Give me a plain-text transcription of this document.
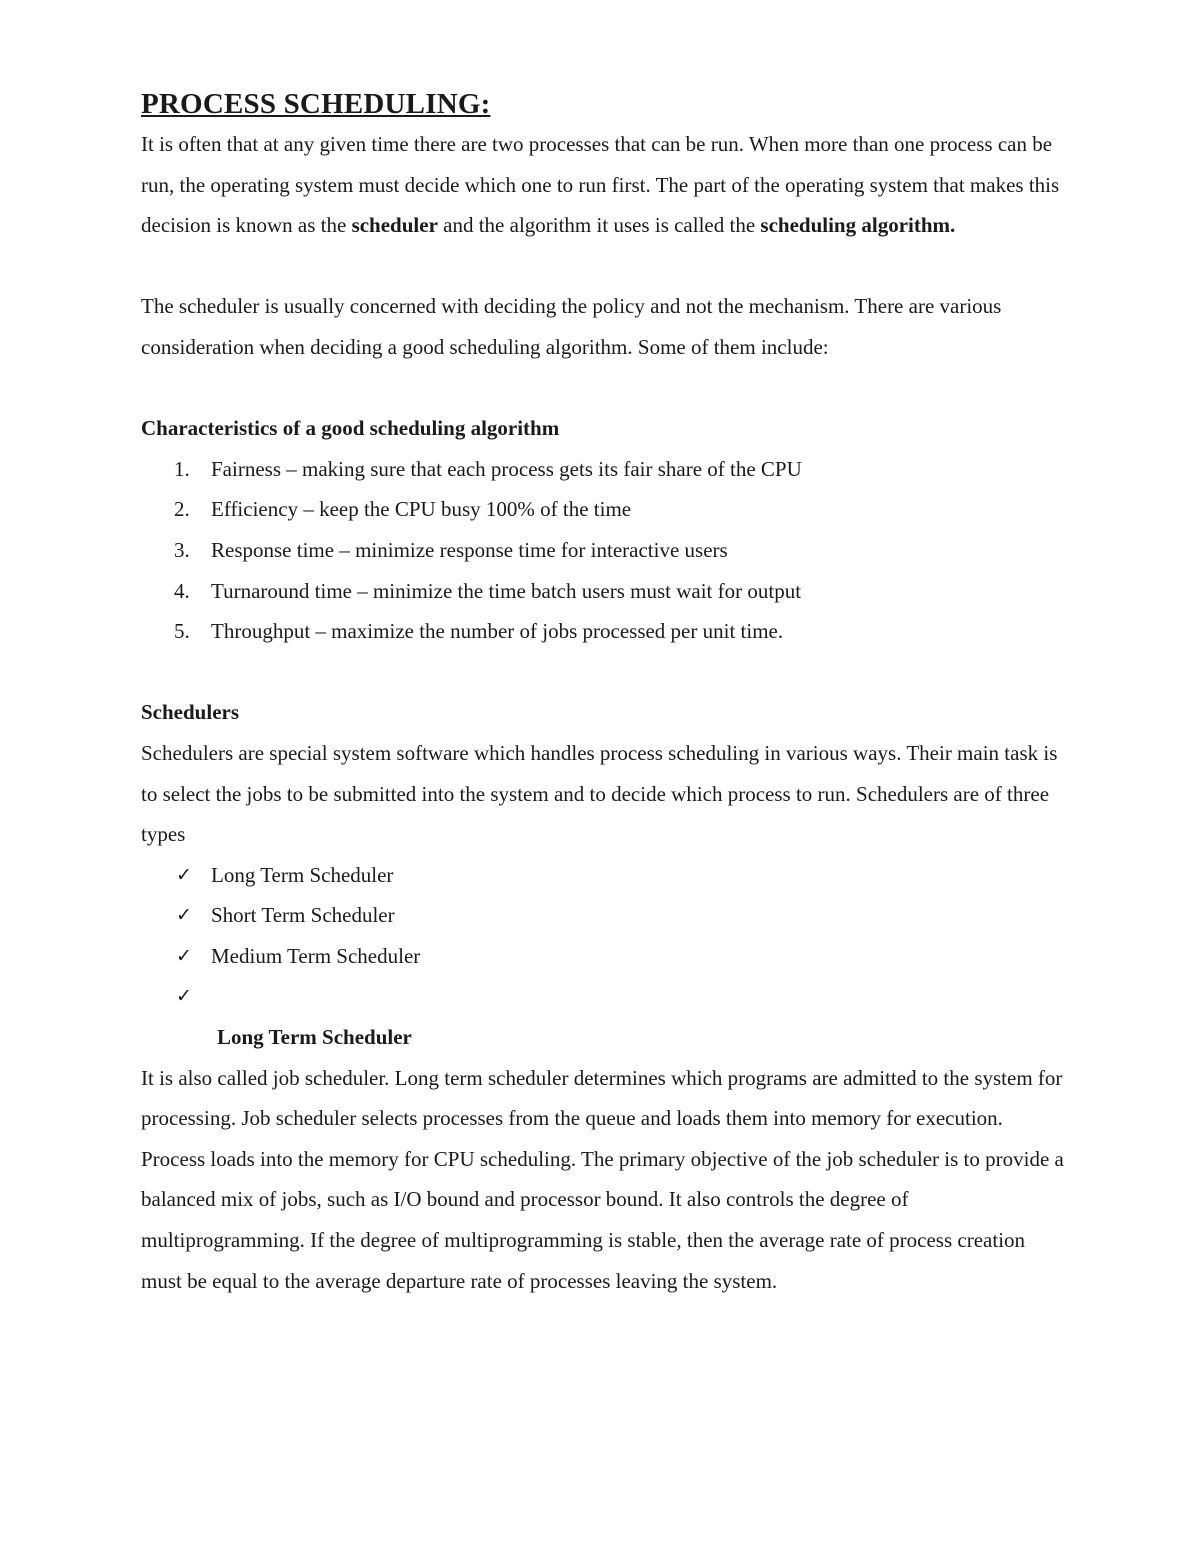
PROCESS SCHEDULING:

It is often that at any given time there are two processes that can be run. When more than one process can be run, the operating system must decide which one to run first. The part of the operating system that makes this decision is known as the scheduler and the algorithm it uses is called the scheduling algorithm.

The scheduler is usually concerned with deciding the policy and not the mechanism. There are various consideration when deciding a good scheduling algorithm. Some of them include:

Characteristics of a good scheduling algorithm

1. Fairness – making sure that each process gets its fair share of the CPU
2. Efficiency – keep the CPU busy 100% of the time
3. Response time – minimize response time for interactive users
4. Turnaround time – minimize the time batch users must wait for output
5. Throughput – maximize the number of jobs processed per unit time.

Schedulers

Schedulers are special system software which handles process scheduling in various ways. Their main task is to select the jobs to be submitted into the system and to decide which process to run. Schedulers are of three types

✓ Long Term Scheduler
✓ Short Term Scheduler
✓ Medium Term Scheduler
✓

Long Term Scheduler

It is also called job scheduler. Long term scheduler determines which programs are admitted to the system for processing. Job scheduler selects processes from the queue and loads them into memory for execution. Process loads into the memory for CPU scheduling. The primary objective of the job scheduler is to provide a balanced mix of jobs, such as I/O bound and processor bound. It also controls the degree of multiprogramming. If the degree of multiprogramming is stable, then the average rate of process creation must be equal to the average departure rate of processes leaving the system.
